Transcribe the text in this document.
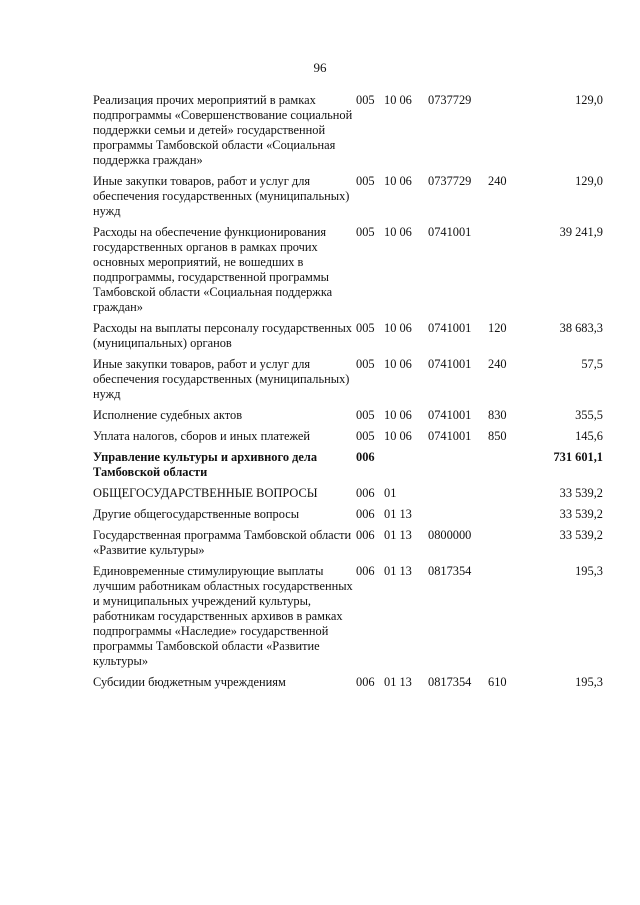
96
Реализация прочих мероприятий в рамках подпрограммы «Совершенствование социальной поддержки семьи и детей» государственной программы Тамбовской области «Социальная поддержка граждан»	005	10 06	0737729		129,0
Иные закупки товаров, работ и услуг для обеспечения государственных (муниципальных) нужд	005	10 06	0737729	240	129,0
Расходы на обеспечение функционирования государственных органов в рамках прочих основных мероприятий, не вошедших в подпрограммы, государственной программы Тамбовской области «Социальная поддержка граждан»	005	10 06	0741001		39 241,9
Расходы на выплаты персоналу государственных (муниципальных) органов	005	10 06	0741001	120	38 683,3
Иные закупки товаров, работ и услуг для обеспечения государственных (муниципальных) нужд	005	10 06	0741001	240	57,5
Исполнение судебных актов	005	10 06	0741001	830	355,5
Уплата налогов, сборов и иных платежей	005	10 06	0741001	850	145,6
Управление культуры и архивного дела Тамбовской области	006				731 601,1
ОБЩЕГОСУДАРСТВЕННЫЕ ВОПРОСЫ	006	01			33 539,2
Другие общегосударственные вопросы	006	01 13			33 539,2
Государственная программа Тамбовской области «Развитие культуры»	006	01 13	0800000		33 539,2
Единовременные стимулирующие выплаты лучшим работникам областных государственных и муниципальных учреждений культуры, работникам государственных архивов в рамках подпрограммы «Наследие» государственной программы Тамбовской области «Развитие культуры»	006	01 13	0817354		195,3
Субсидии бюджетным учреждениям	006	01 13	0817354	610	195,3
